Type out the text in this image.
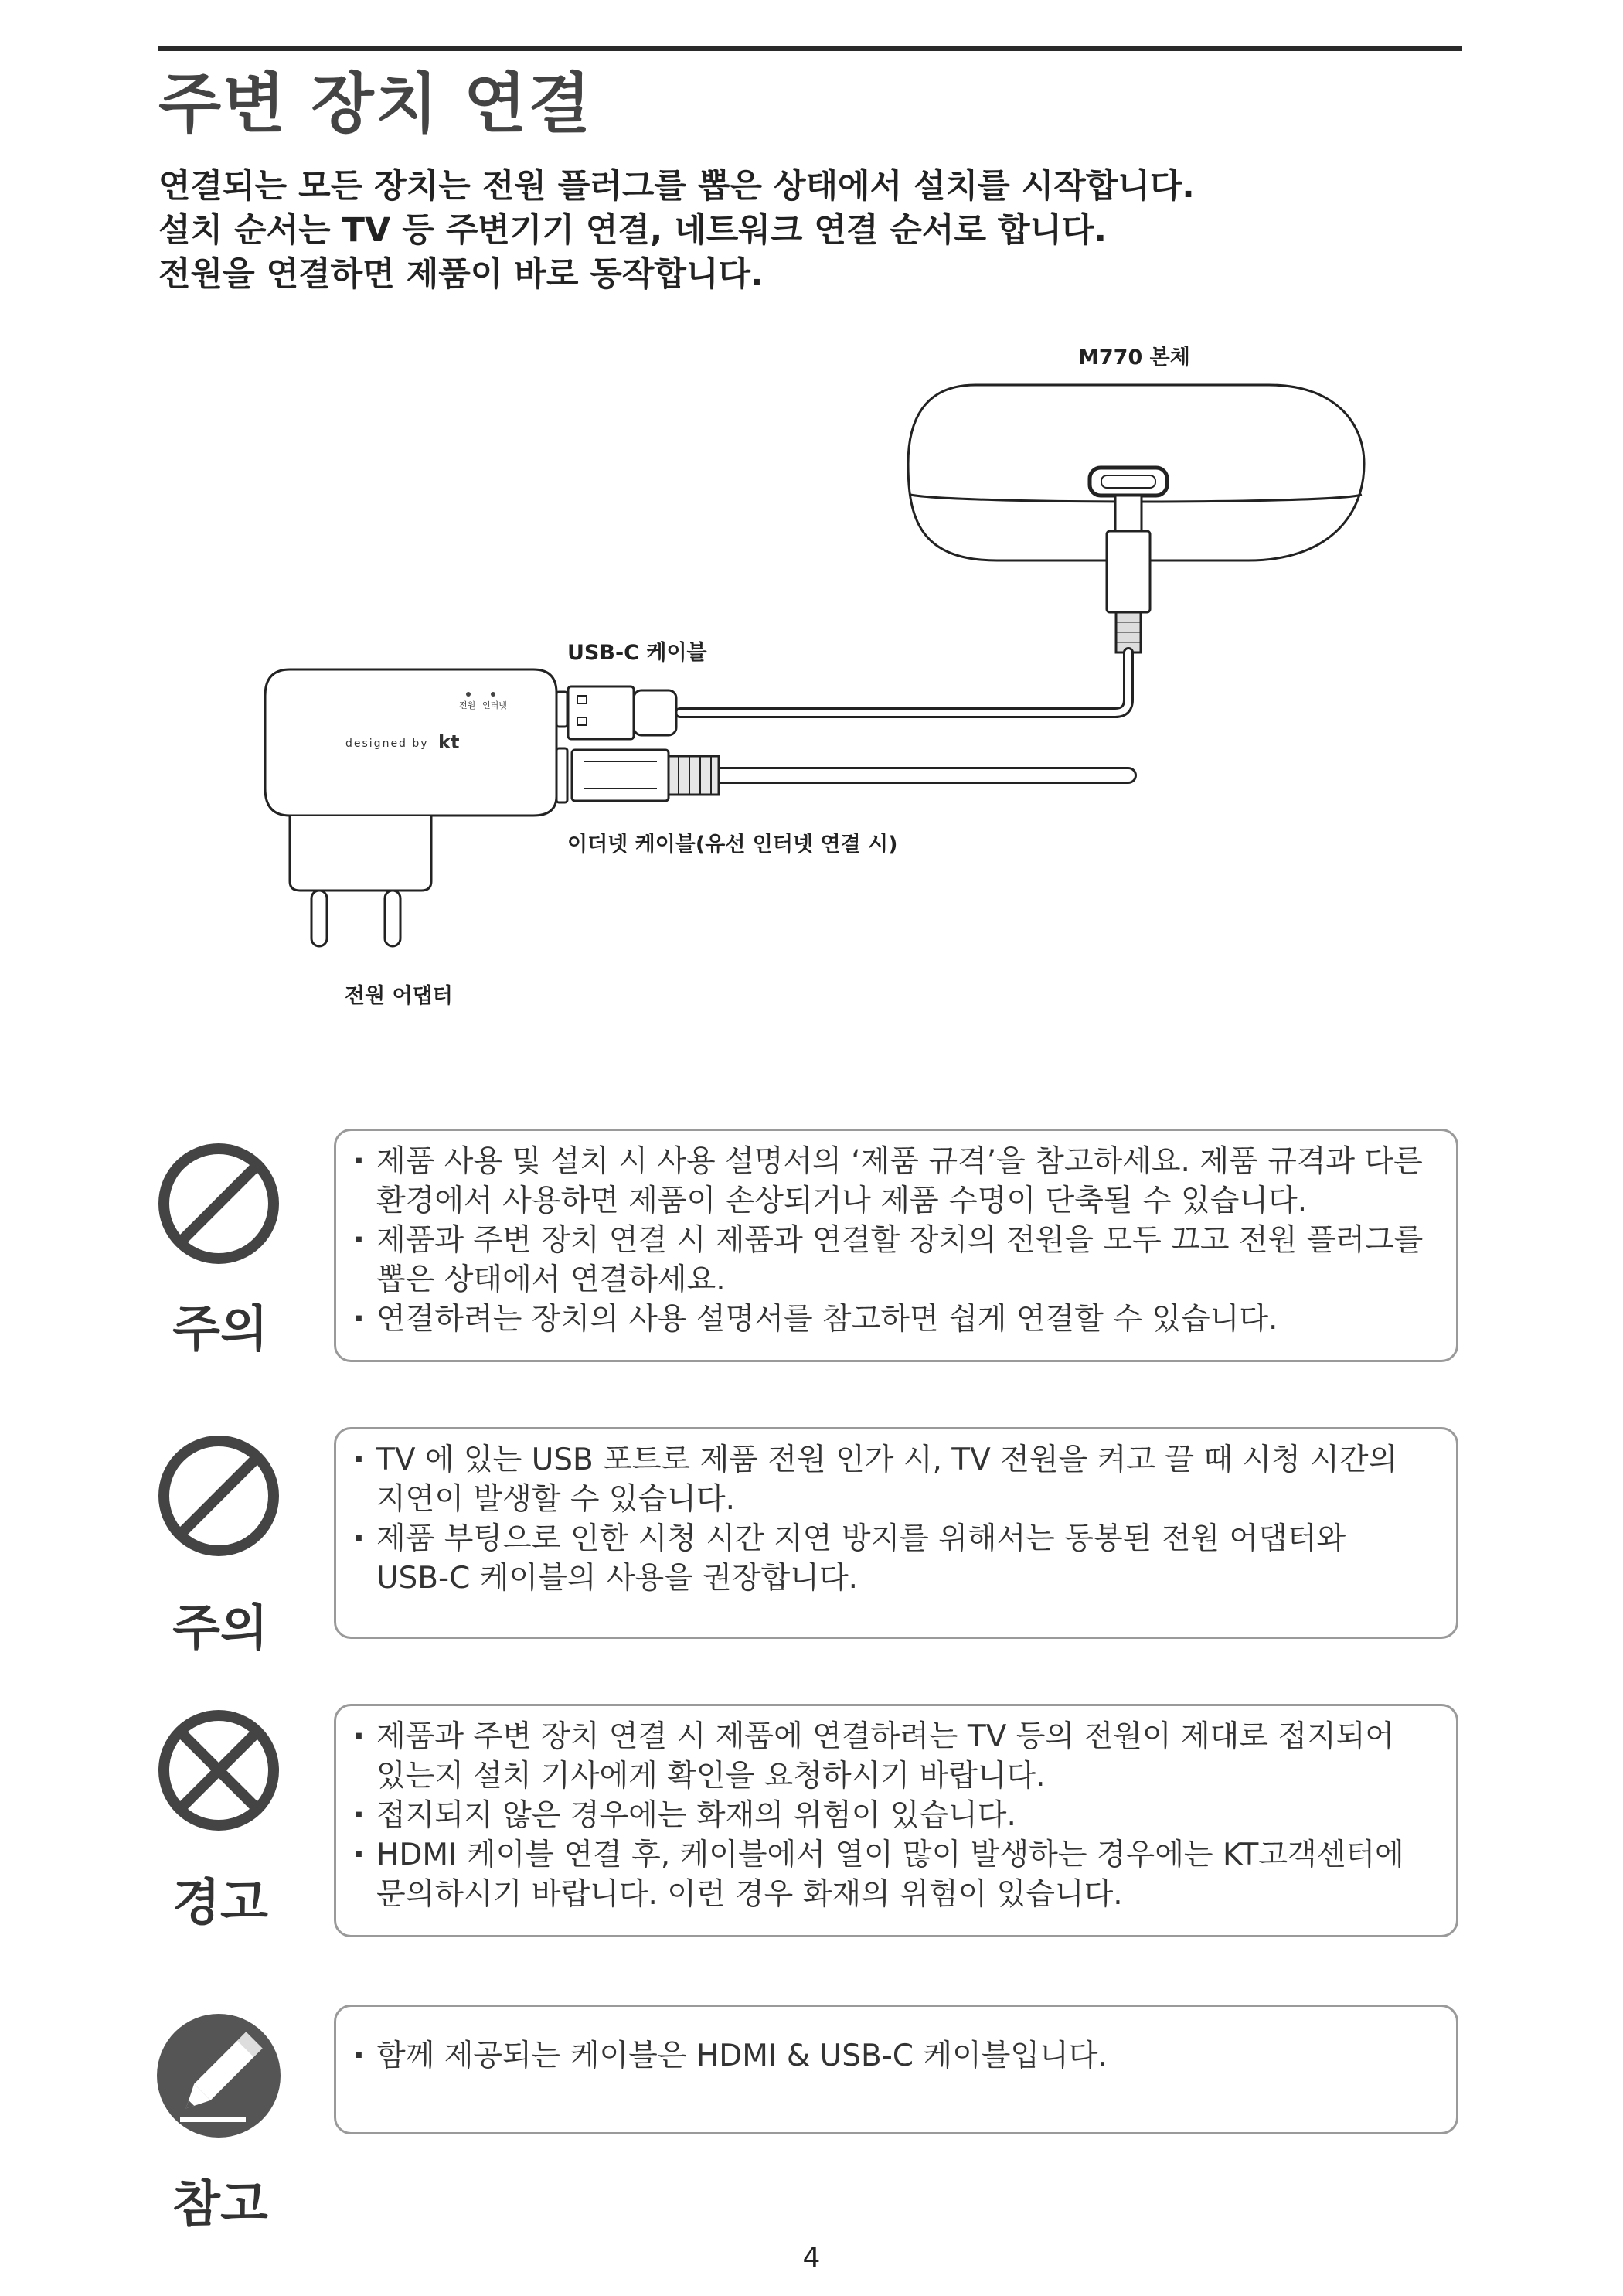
주변 장치 연결

연결되는 모든 장치는 전원 플러그를 뽑은 상태에서 설치를 시작합니다.

설치 순서는 TV 등 주변기기 연결, 네트워크 연결 순서로 합니다.

전원을 연결하면 제품이 바로 동작합니다.

M770 본체
USB-C 케이블
이더넷 케이블(유선 인터넷 연결 시)
전원 어댑터
전원 인터넷
designed by kt
주의
· 제품 사용 및 설치 시 사용 설명서의 ‘제품 규격’을 참고하세요. 제품 규격과 다른 환경에서 사용하면 제품이 손상되거나 제품 수명이 단축될 수 있습니다.
· 제품과 주변 장치 연결 시 제품과 연결할 장치의 전원을 모두 끄고 전원 플러그를 뽑은 상태에서 연결하세요.
· 연결하려는 장치의 사용 설명서를 참고하면 쉽게 연결할 수 있습니다.
주의
· TV 에 있는 USB 포트로 제품 전원 인가 시, TV 전원을 켜고 끌 때 시청 시간의 지연이 발생할 수 있습니다.
· 제품 부팅으로 인한 시청 시간 지연 방지를 위해서는 동봉된 전원 어댑터와 USB-C 케이블의 사용을 권장합니다.
경고
· 제품과 주변 장치 연결 시 제품에 연결하려는 TV 등의 전원이 제대로 접지되어 있는지 설치 기사에게 확인을 요청하시기 바랍니다.
· 접지되지 않은 경우에는 화재의 위험이 있습니다.
· HDMI 케이블 연결 후, 케이블에서 열이 많이 발생하는 경우에는 KT고객센터에 문의하시기 바랍니다. 이런 경우 화재의 위험이 있습니다.
참고
· 함께 제공되는 케이블은 HDMI & USB-C 케이블입니다.
4
